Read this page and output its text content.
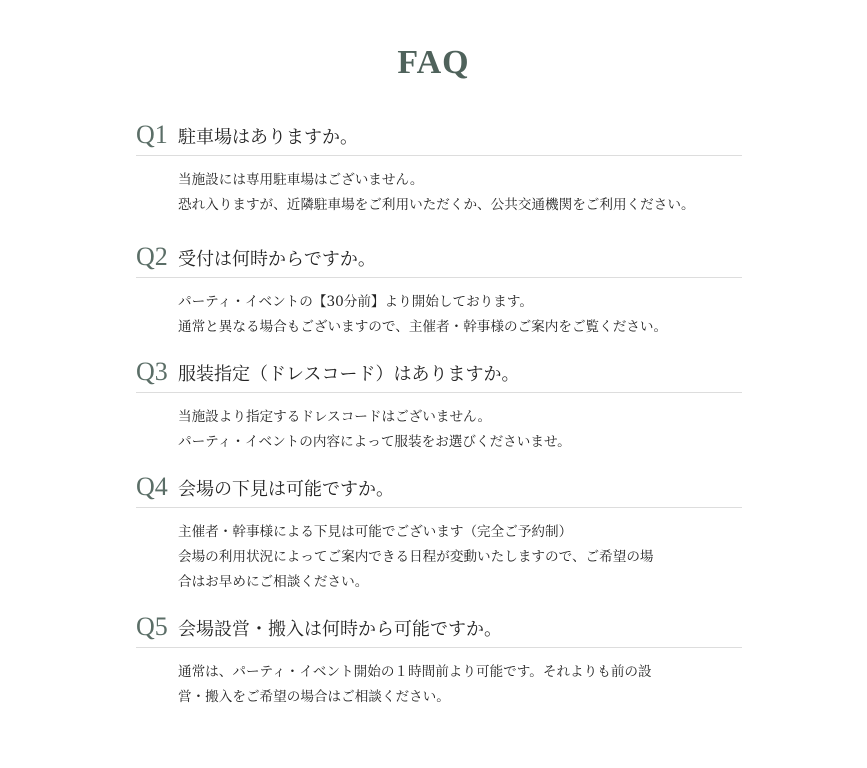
FAQ
Q1 駐車場はありますか。
当施設には専用駐車場はございません。
恐れ入りますが、近隣駐車場をご利用いただくか、公共交通機関をご利用ください。
Q2 受付は何時からですか。
パーティ・イベントの【30分前】より開始しております。
通常と異なる場合もございますので、主催者・幹事様のご案内をご覧ください。
Q3 服装指定（ドレスコード）はありますか。
当施設より指定するドレスコードはございません。
パーティ・イベントの内容によって服装をお選びくださいませ。
Q4 会場の下見は可能ですか。
主催者・幹事様による下見は可能でございます（完全ご予約制）
会場の利用状況によってご案内できる日程が変動いたしますので、ご希望の場
合はお早めにご相談ください。
Q5 会場設営・搬入は何時から可能ですか。
通常は、パーティ・イベント開始の１時間前より可能です。それよりも前の設
営・搬入をご希望の場合はご相談ください。
